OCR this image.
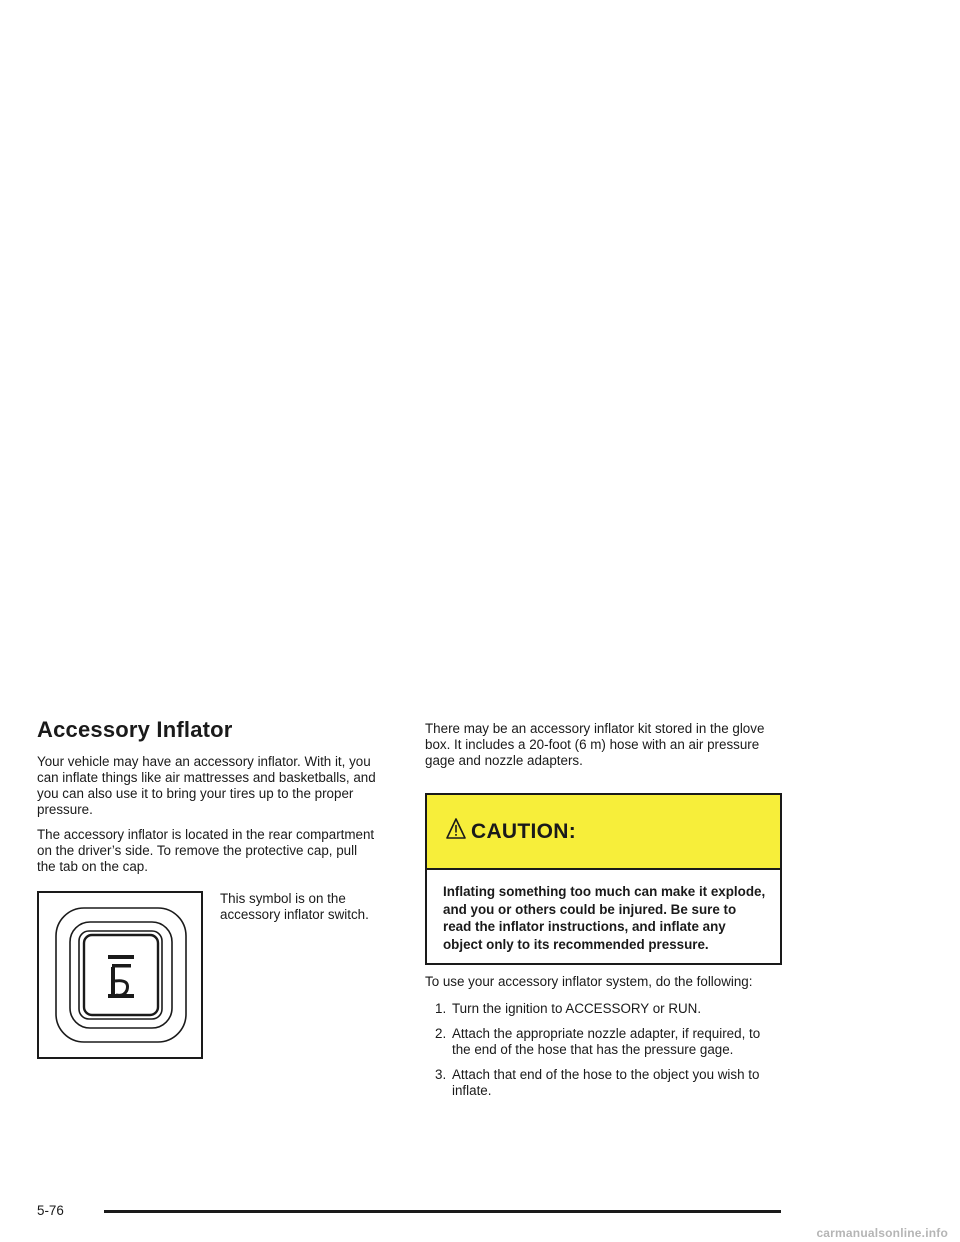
Accessory Inflator

Your vehicle may have an accessory inflator. With it, you can inflate things like air mattresses and basketballs, and you can also use it to bring your tires up to the proper pressure.

The accessory inflator is located in the rear compartment on the driver’s side. To remove the protective cap, pull the tab on the cap.

This symbol is on the accessory inflator switch.

There may be an accessory inflator kit stored in the glove box. It includes a 20-foot (6 m) hose with an air pressure gage and nozzle adapters.

CAUTION:

Inflating something too much can make it explode, and you or others could be injured. Be sure to read the inflator instructions, and inflate any object only to its recommended pressure.

To use your accessory inflator system, do the following:

1. Turn the ignition to ACCESSORY or RUN.
2. Attach the appropriate nozzle adapter, if required, to the end of the hose that has the pressure gage.
3. Attach that end of the hose to the object you wish to inflate.
5-76
carmanualsonline.info
